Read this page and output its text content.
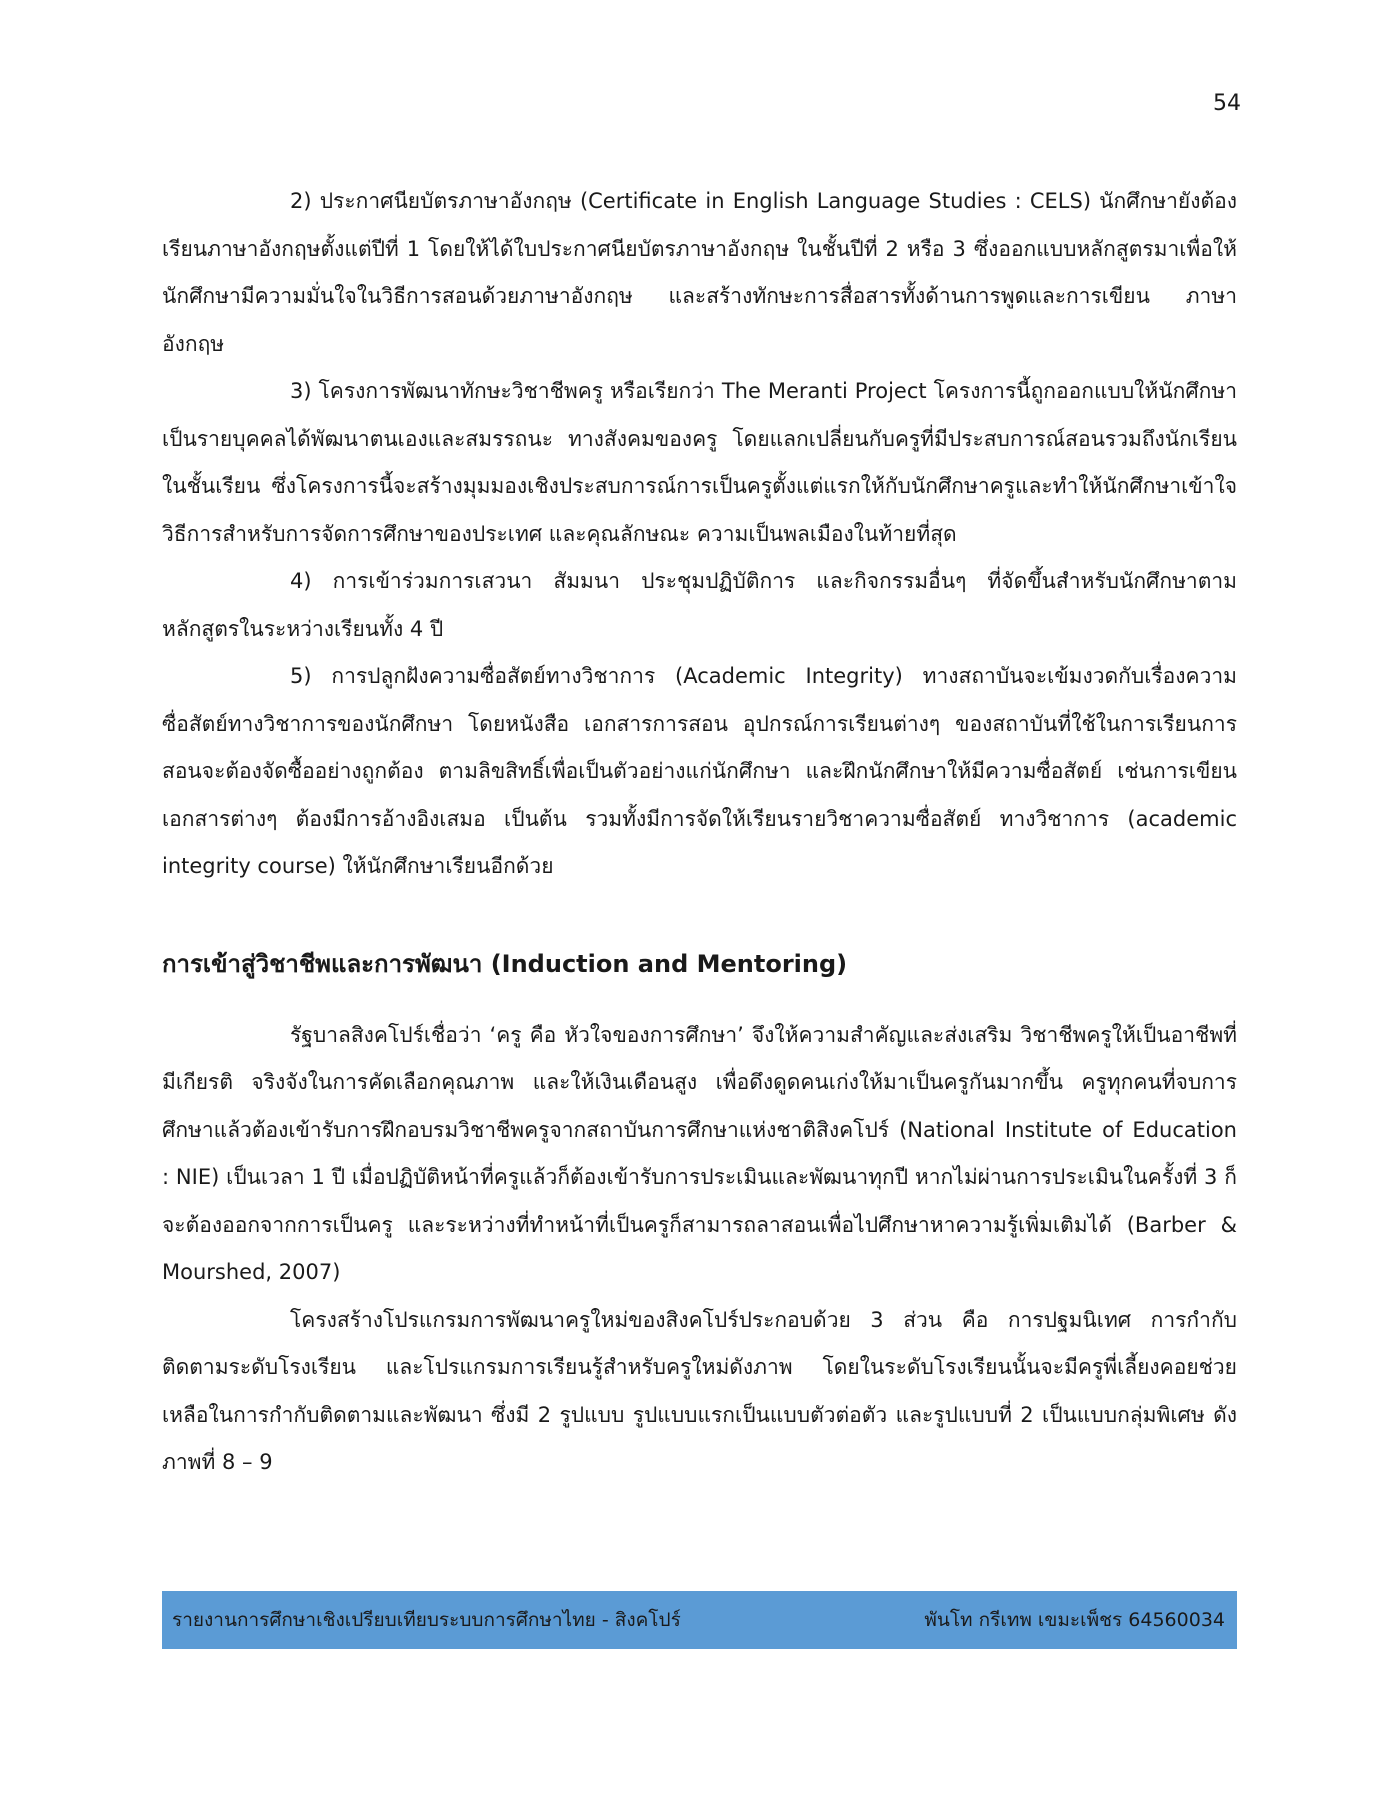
54

2) ประกาศนียบัตรภาษาอังกฤษ (Certificate in English Language Studies : CELS) นักศึกษายังต้องเรียนภาษาอังกฤษตั้งแต่ปีที่ 1 โดยให้ได้ใบประกาศนียบัตรภาษาอังกฤษ ในชั้นปีที่ 2 หรือ 3 ซึ่งออกแบบหลักสูตรมาเพื่อให้นักศึกษามีความมั่นใจในวิธีการสอนด้วยภาษาอังกฤษ และสร้างทักษะการสื่อสารทั้งด้านการพูดและการเขียน ภาษาอังกฤษ

3) โครงการพัฒนาทักษะวิชาชีพครู หรือเรียกว่า The Meranti Project โครงการนี้ถูกออกแบบให้นักศึกษาเป็นรายบุคคลได้พัฒนาตนเองและสมรรถนะ ทางสังคมของครู โดยแลกเปลี่ยนกับครูที่มีประสบการณ์สอนรวมถึงนักเรียนในชั้นเรียน ซึ่งโครงการนี้จะสร้างมุมมองเชิงประสบการณ์การเป็นครูตั้งแต่แรกให้กับนักศึกษาครูและทำให้นักศึกษาเข้าใจวิธีการสำหรับการจัดการศึกษาของประเทศ และคุณลักษณะ ความเป็นพลเมืองในท้ายที่สุด

4) การเข้าร่วมการเสวนา สัมมนา ประชุมปฏิบัติการ และกิจกรรมอื่นๆ ที่จัดขึ้นสำหรับนักศึกษาตามหลักสูตรในระหว่างเรียนทั้ง 4 ปี

5) การปลูกฝังความซื่อสัตย์ทางวิชาการ (Academic Integrity) ทางสถาบันจะเข้มงวดกับเรื่องความซื่อสัตย์ทางวิชาการของนักศึกษา โดยหนังสือ เอกสารการสอน อุปกรณ์การเรียนต่างๆ ของสถาบันที่ใช้ในการเรียนการสอนจะต้องจัดซื้ออย่างถูกต้อง ตามลิขสิทธิ์เพื่อเป็นตัวอย่างแก่นักศึกษา และฝึกนักศึกษาให้มีความซื่อสัตย์ เช่นการเขียน เอกสารต่างๆ ต้องมีการอ้างอิงเสมอ เป็นต้น รวมทั้งมีการจัดให้เรียนรายวิชาความซื่อสัตย์ ทางวิชาการ (academic integrity course) ให้นักศึกษาเรียนอีกด้วย

การเข้าสู่วิชาชีพและการพัฒนา (Induction and Mentoring)

รัฐบาลสิงคโปร์เชื่อว่า ‘ครู คือ หัวใจของการศึกษา’ จึงให้ความสำคัญและส่งเสริม วิชาชีพครูให้เป็นอาชีพที่มีเกียรติ จริงจังในการคัดเลือกคุณภาพ และให้เงินเดือนสูง เพื่อดึงดูดคนเก่งให้มาเป็นครูกันมากขึ้น ครูทุกคนที่จบการศึกษาแล้วต้องเข้ารับการฝึกอบรมวิชาชีพครูจากสถาบันการศึกษาแห่งชาติสิงคโปร์ (National Institute of Education : NIE) เป็นเวลา 1 ปี เมื่อปฏิบัติหน้าที่ครูแล้วก็ต้องเข้ารับการประเมินและพัฒนาทุกปี หากไม่ผ่านการประเมินในครั้งที่ 3 ก็จะต้องออกจากการเป็นครู และระหว่างที่ทำหน้าที่เป็นครูก็สามารถลาสอนเพื่อไปศึกษาหาความรู้เพิ่มเติมได้ (Barber & Mourshed, 2007)

โครงสร้างโปรแกรมการพัฒนาครูใหม่ของสิงคโปร์ประกอบด้วย 3 ส่วน คือ การปฐมนิเทศ การกำกับติดตามระดับโรงเรียน และโปรแกรมการเรียนรู้สำหรับครูใหม่ดังภาพ โดยในระดับโรงเรียนนั้นจะมีครูพี่เลี้ยงคอยช่วยเหลือในการกำกับติดตามและพัฒนา ซึ่งมี 2 รูปแบบ รูปแบบแรกเป็นแบบตัวต่อตัว และรูปแบบที่ 2 เป็นแบบกลุ่มพิเศษ ดังภาพที่ 8 – 9

รายงานการศึกษาเชิงเปรียบเทียบระบบการศึกษาไทย - สิงคโปร์	พันโท กรีเทพ เขมะเพ็ชร 64560034
